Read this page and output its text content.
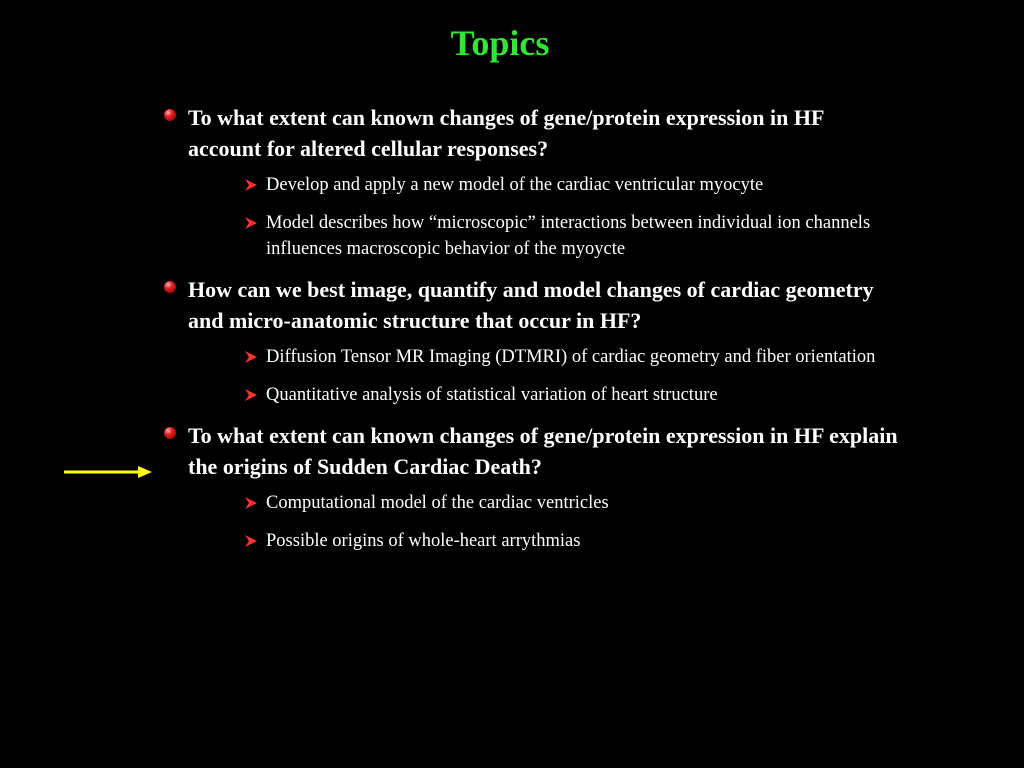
Topics
To what extent can known changes of gene/protein expression in HF account for altered cellular responses?
Develop and apply a new model of the cardiac ventricular myocyte
Model describes how “microscopic” interactions between individual ion channels influences macroscopic behavior of the myoycte
How can we best image, quantify and model changes of cardiac geometry and micro-anatomic structure that occur in HF?
Diffusion Tensor MR Imaging (DTMRI) of cardiac geometry and fiber orientation
Quantitative analysis of statistical variation of heart structure
To what extent can known changes of gene/protein expression in HF explain the origins of Sudden Cardiac Death?
Computational model of the cardiac ventricles
Possible origins of whole-heart arrythmias
